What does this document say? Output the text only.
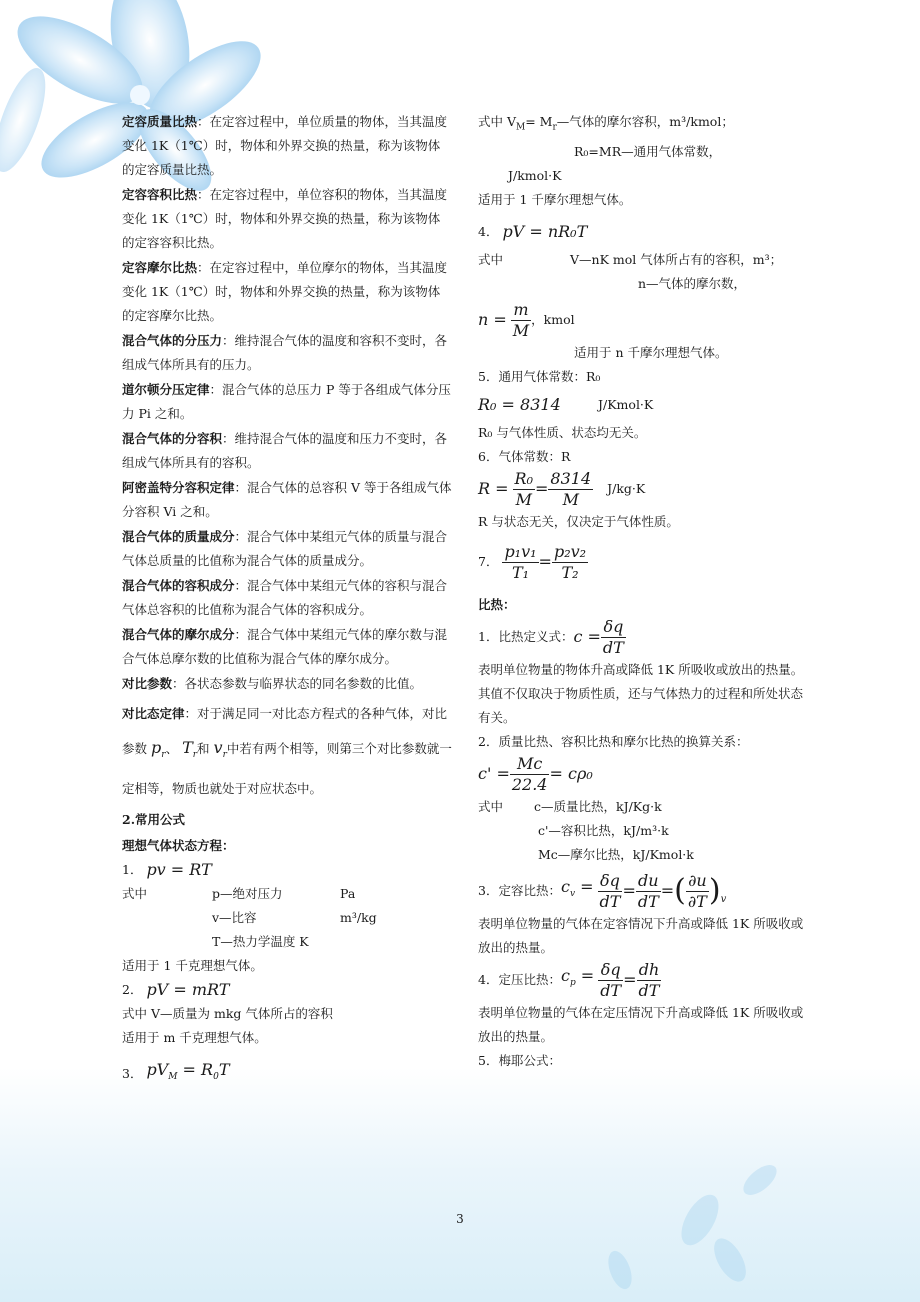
定容质量比热：在定容过程中，单位质量的物体，当其温度变化 1K（1℃）时，物体和外界交换的热量，称为该物体的定容质量比热。

定容容积比热：在定容过程中，单位容积的物体，当其温度变化 1K（1℃）时，物体和外界交换的热量，称为该物体的定容容积比热。

定容摩尔比热：在定容过程中，单位摩尔的物体，当其温度变化 1K（1℃）时，物体和外界交换的热量，称为该物体的定容摩尔比热。

混合气体的分压力：维持混合气体的温度和容积不变时，各组成气体所具有的压力。

道尔顿分压定律：混合气体的总压力 P 等于各组成气体分压力 Pi 之和。

混合气体的分容积：维持混合气体的温度和压力不变时，各组成气体所具有的容积。

阿密盖特分容积定律：混合气体的总容积 V 等于各组成气体分容积 Vi 之和。

混合气体的质量成分：混合气体中某组元气体的质量与混合气体总质量的比值称为混合气体的质量成分。

混合气体的容积成分：混合气体中某组元气体的容积与混合气体总容积的比值称为混合气体的容积成分。

混合气体的摩尔成分：混合气体中某组元气体的摩尔数与混合气体总摩尔数的比值称为混合气体的摩尔成分。

对比参数：各状态参数与临界状态的同名参数的比值。

对比态定律：对于满足同一对比态方程式的各种气体，对比参数 $p_r$、 $T_r$和 $v_r$中若有两个相等，则第三个对比参数就一定相等，物质也就处于对应状态中。

2.常用公式
理想气体状态方程：
1．
pv = RT
式中	p—绝对压力	Pa
v—比容	m³/kg
T—热力学温度 K
适用于 1 千克理想气体。
2．
pV = mRT
式中 V—质量为 mkg 气体所占的容积
适用于 m 千克理想气体。
3．
$pV_M = R_0T$
式中 $V_M=$ $M_r—$气体的摩尔容积，m³/kmol；
R₀=MR—通用气体常数，
J/kmol·K
适用于 1 千摩尔理想气体。
4．
pV = nR₀T
式中	V—nK mol 气体所占有的容积，m³；
n—气体的摩尔数，
n =
$\frac{m}{M}$ ，kmol
适用于 n 千摩尔理想气体。
5．通用气体常数：R₀
R₀ = 8314	J/Kmol·K
R₀ 与气体性质、状态均无关。
6．气体常数：R
R =
$\frac{\text{R₀}}{M} = \frac{8314}{M} J/kg\cdot K$
R 与状态无关，仅决定于气体性质。
7．
$\frac{\text{p₁v₁}}{\text{T₁}} = \frac{\text{p₂v₂}}{\text{T₂}}$
比热：
1．比热定义式： $c = \frac{\delta q}{dT}$
表明单位物量的物体升高或降低 1K 所吸收或放出的热量。其值不仅取决于物质性质，还与气体热力的过程和所处状态有关。
2．质量比热、容积比热和摩尔比热的换算关系：
$c' = \frac{Mc}{22.4} = c\rho_0$
式中	c—质量比热，kJ/Kg·k
c'—容积比热，kJ/m³·k
Mc—摩尔比热，kJ/Kmol·k
3．定容比热： $c_v$ =
$\frac{\delta q}{dT} = \frac{du}{dT}$ = ( $\frac{\partial u}{\partial T} )_v$
表明单位物量的气体在定容情况下升高或降低 1K 所吸收或放出的热量。
4．定压比热： $c_p$ =
$\frac{\delta q}{dT} = \frac{dh}{dT}$
表明单位物量的气体在定压情况下升高或降低 1K 所吸收或放出的热量。
5．梅耶公式：
3
